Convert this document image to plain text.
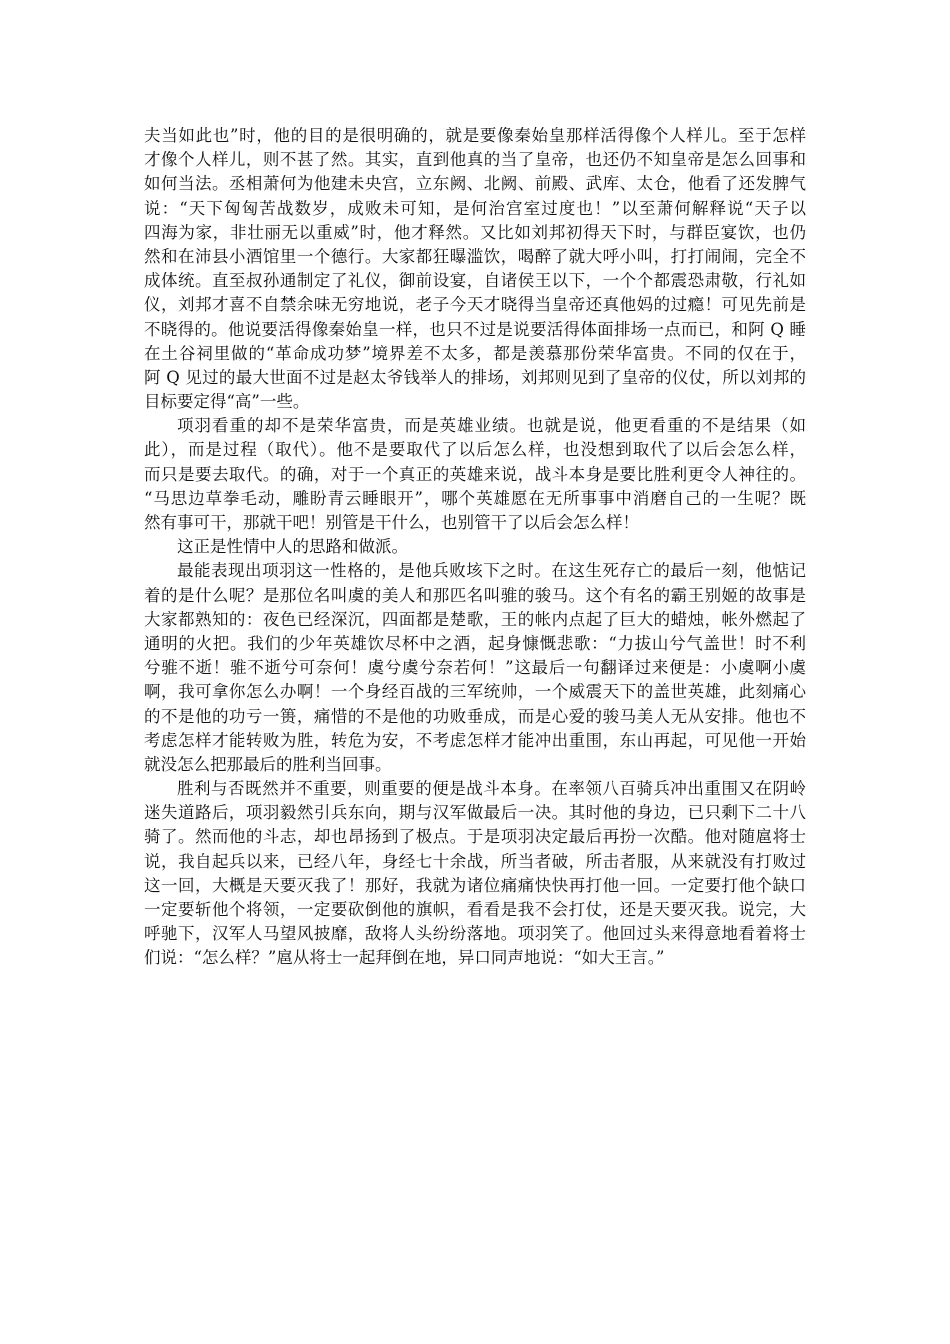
夫当如此也”时，他的目的是很明确的，就是要像秦始皇那样活得像个人样儿。至于怎样
才像个人样儿，则不甚了然。其实，直到他真的当了皇帝，也还仍不知皇帝是怎么回事和
如何当法。丞相萧何为他建未央宫，立东阙、北阙、前殿、武库、太仓，他看了还发脾气
说：“天下匈匈苦战数岁，成败未可知，是何治宫室过度也！”以至萧何解释说“天子以
四海为家，非壮丽无以重威”时，他才释然。又比如刘邦初得天下时，与群臣宴饮，也仍
然和在沛县小酒馆里一个德行。大家都狂曝滥饮，喝醉了就大呼小叫，打打闹闹，完全不
成体统。直至叔孙通制定了礼仪，御前设宴，自诸侯王以下，一个个都震恐肃敬，行礼如
仪，刘邦才喜不自禁余味无穷地说，老子今天才晓得当皇帝还真他妈的过瘾！可见先前是
不晓得的。他说要活得像秦始皇一样，也只不过是说要活得体面排场一点而已，和阿 Q 睡
在土谷祠里做的“革命成功梦”境界差不太多，都是羡慕那份荣华富贵。不同的仅在于，
阿 Q 见过的最大世面不过是赵太爷钱举人的排场，刘邦则见到了皇帝的仪仗，所以刘邦的
目标要定得“高”一些。
项羽看重的却不是荣华富贵，而是英雄业绩。也就是说，他更看重的不是结果（如
此），而是过程（取代）。他不是要取代了以后怎么样，也没想到取代了以后会怎么样，
而只是要去取代。的确，对于一个真正的英雄来说，战斗本身是要比胜利更令人神往的。
“马思边草拳毛动，雕盼青云睡眼开”，哪个英雄愿在无所事事中消磨自己的一生呢？既
然有事可干，那就干吧！别管是干什么，也别管干了以后会怎么样！
这正是性情中人的思路和做派。
最能表现出项羽这一性格的，是他兵败垓下之时。在这生死存亡的最后一刻，他惦记
着的是什么呢？是那位名叫虞的美人和那匹名叫骓的骏马。这个有名的霸王别姬的故事是
大家都熟知的：夜色已经深沉，四面都是楚歌，王的帐内点起了巨大的蜡烛，帐外燃起了
通明的火把。我们的少年英雄饮尽杯中之酒，起身慷慨悲歌：“力拔山兮气盖世！时不利
兮骓不逝！骓不逝兮可奈何！虞兮虞兮奈若何！”这最后一句翻译过来便是：小虞啊小虞
啊，我可拿你怎么办啊！一个身经百战的三军统帅，一个威震天下的盖世英雄，此刻痛心
的不是他的功亏一篑，痛惜的不是他的功败垂成，而是心爱的骏马美人无从安排。他也不
考虑怎样才能转败为胜，转危为安，不考虑怎样才能冲出重围，东山再起，可见他一开始
就没怎么把那最后的胜利当回事。
胜利与否既然并不重要，则重要的便是战斗本身。在率领八百骑兵冲出重围又在阴岭
迷失道路后，项羽毅然引兵东向，期与汉军做最后一决。其时他的身边，已只剩下二十八
骑了。然而他的斗志，却也昂扬到了极点。于是项羽决定最后再扮一次酷。他对随扈将士
说，我自起兵以来，已经八年，身经七十余战，所当者破，所击者服，从来就没有打败过
这一回，大概是天要灭我了！那好，我就为诸位痛痛快快再打他一回。一定要打他个缺口
一定要斩他个将领，一定要砍倒他的旗帜，看看是我不会打仗，还是天要灭我。说完，大
呼驰下，汉军人马望风披靡，敌将人头纷纷落地。项羽笑了。他回过头来得意地看着将士
们说：“怎么样？”扈从将士一起拜倒在地，异口同声地说：“如大王言。”
